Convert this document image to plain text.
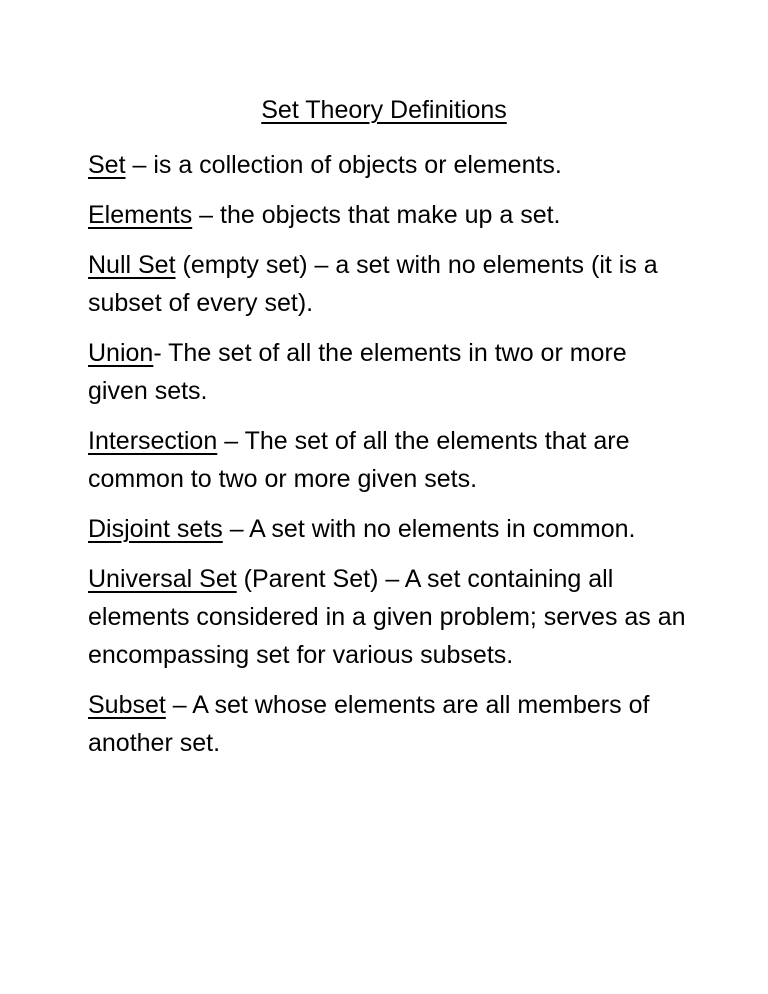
Set Theory Definitions

Set – is a collection of objects or elements.

Elements – the objects that make up a set.

Null Set (empty set) – a set with no elements (it is a subset of every set).

Union- The set of all the elements in two or more given sets.

Intersection – The set of all the elements that are common to two or more given sets.

Disjoint sets – A set with no elements in common.

Universal Set (Parent Set) – A set containing all elements considered in a given problem; serves as an encompassing set for various subsets.

Subset – A set whose elements are all members of another set.
